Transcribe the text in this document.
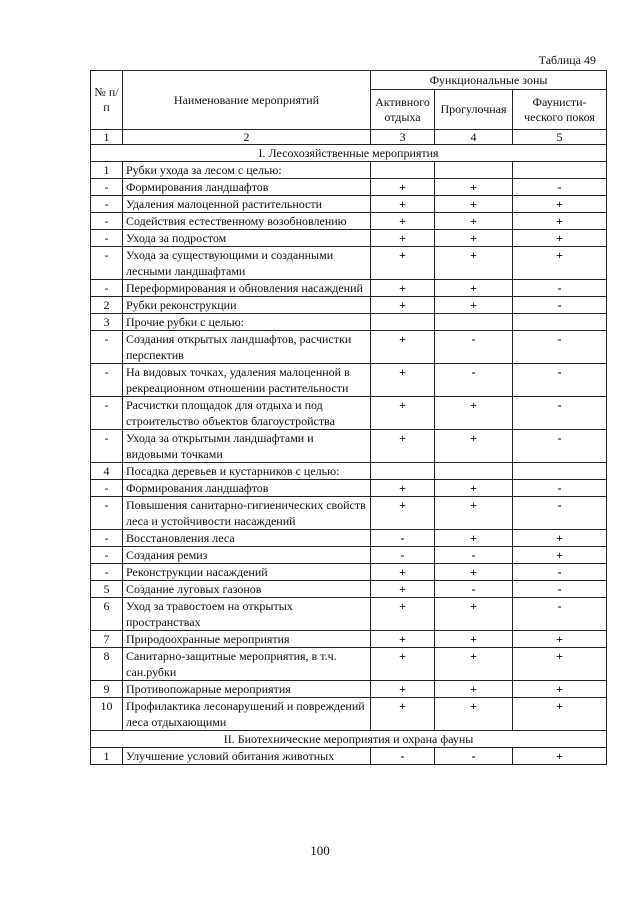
Таблица 49
№ п/п	Наименование мероприятий	Функциональные зоны		
		Активного отдыха	Прогулочная	Фаунисти-ческого покоя
1	2	3	4	5
I. Лесохозяйственные мероприятия				
1	Рубки ухода за лесом с целью:			
-	Формирования ландшафтов	+	+	-
-	Удаления малоценной растительности	+	+	+
-	Содействия естественному возобновлению	+	+	+
-	Ухода за подростом	+	+	+
-	Ухода за существующими и созданными лесными ландшафтами	+	+	+
-	Переформирования и обновления насаждений	+	+	-
2	Рубки реконструкции	+	+	-
3	Прочие рубки с целью:			
-	Создания открытых ландшафтов, расчистки перспектив	+	-	-
-	На видовых точках, удаления малоценной в рекреационном отношении растительности	+	-	-
-	Расчистки площадок для отдыха и под строительство объектов благоустройства	+	+	-
-	Ухода за открытыми ландшафтами и видовыми точками	+	+	-
4	Посадка деревьев и кустарников с целью:			
-	Формирования ландшафтов	+	+	-
-	Повышения санитарно-гигиенических свойств леса и устойчивости насаждений	+	+	-
-	Восстановления леса	-	+	+
-	Создания ремиз	-	-	+
-	Реконструкции насаждений	+	+	-
5	Создание луговых газонов	+	-	-
6	Уход за травостоем на открытых пространствах	+	+	-
7	Природоохранные мероприятия	+	+	+
8	Санитарно-защитные мероприятия, в т.ч. сан.рубки	+	+	+
9	Противопожарные мероприятия	+	+	+
10	Профилактика лесонарушений и повреждений леса отдыхающими	+	+	+
II. Биотехнические мероприятия и охрана фауны				
1	Улучшение условий обитания животных	-	-	+
100
